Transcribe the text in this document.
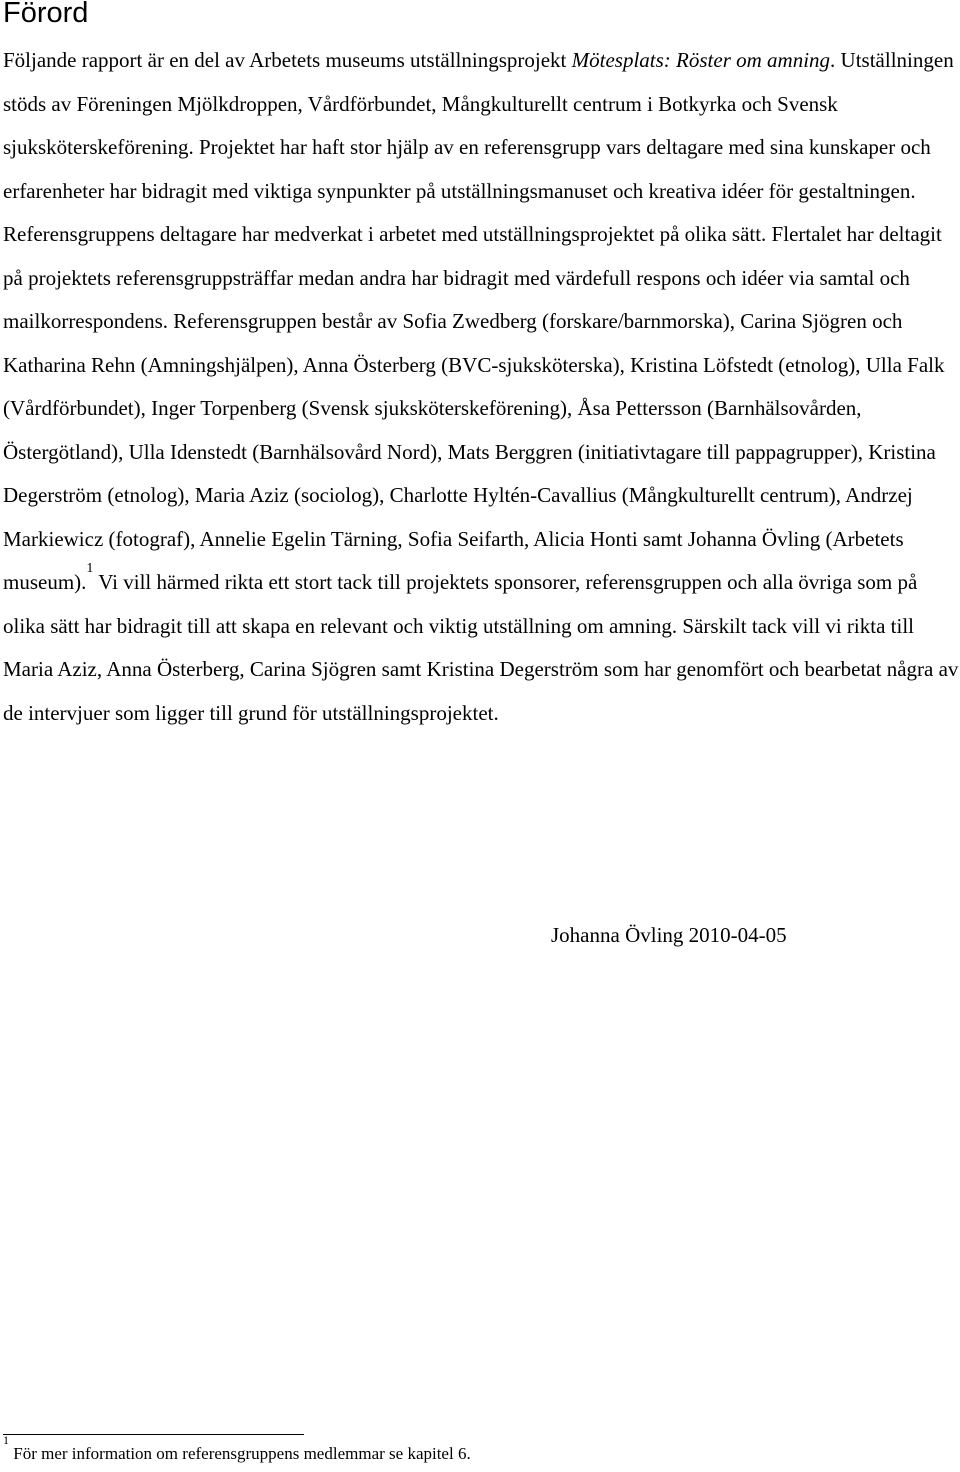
Förord

Följande rapport är en del av Arbetets museums utställningsprojekt Mötesplats: Röster om amning. Utställningen stöds av Föreningen Mjölkdroppen, Vårdförbundet, Mångkulturellt centrum i Botkyrka och Svensk sjuksköterskeförening. Projektet har haft stor hjälp av en referensgrupp vars deltagare med sina kunskaper och erfarenheter har bidragit med viktiga synpunkter på utställningsmanuset och kreativa idéer för gestaltningen. Referensgruppens deltagare har medverkat i arbetet med utställningsprojektet på olika sätt. Flertalet har deltagit på projektets referensgruppsträffar medan andra har bidragit med värdefull respons och idéer via samtal och mailkorrespondens. Referensgruppen består av Sofia Zwedberg (forskare/barnmorska), Carina Sjögren och Katharina Rehn (Amningshjälpen), Anna Österberg (BVC-sjuksköterska), Kristina Löfstedt (etnolog), Ulla Falk (Vårdförbundet), Inger Torpenberg (Svensk sjuksköterskeförening), Åsa Pettersson (Barnhälsovården, Östergötland), Ulla Idenstedt (Barnhälsovård Nord), Mats Berggren (initiativtagare till pappagrupper), Kristina Degerström (etnolog), Maria Aziz (sociolog), Charlotte Hyltén-Cavallius (Mångkulturellt centrum), Andrzej Markiewicz (fotograf), Annelie Egelin Tärning, Sofia Seifarth, Alicia Honti samt Johanna Övling (Arbetets museum).$^1$ Vi vill härmed rikta ett stort tack till projektets sponsorer, referensgruppen och alla övriga som på olika sätt har bidragit till att skapa en relevant och viktig utställning om amning. Särskilt tack vill vi rikta till Maria Aziz, Anna Österberg, Carina Sjögren samt Kristina Degerström som har genomfört och bearbetat några av de intervjuer som ligger till grund för utställningsprojektet.

Johanna Övling 2010-04-05

$^1$ För mer information om referensgruppens medlemmar se kapitel 6.
